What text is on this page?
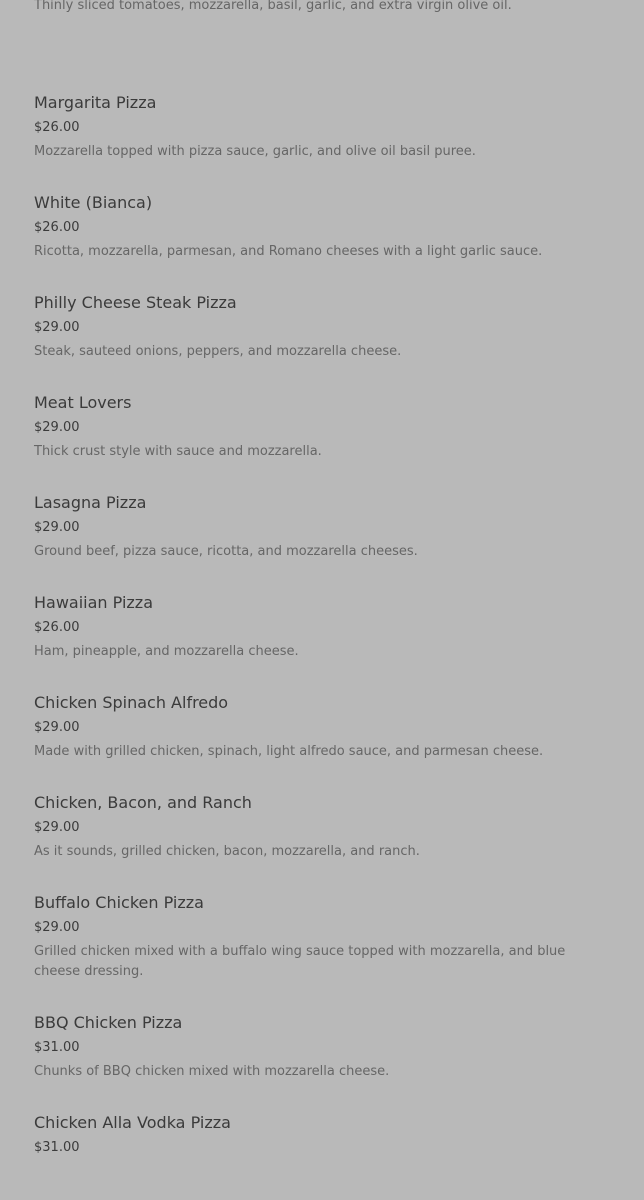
Thinly sliced tomatoes, mozzarella, basil, garlic, and extra virgin olive oil.
Margarita Pizza
$26.00
Mozzarella topped with pizza sauce, garlic, and olive oil basil puree.
White (Bianca)
$26.00
Ricotta, mozzarella, parmesan, and Romano cheeses with a light garlic sauce.
Philly Cheese Steak Pizza
$29.00
Steak, sauteed onions, peppers, and mozzarella cheese.
Meat Lovers
$29.00
Thick crust style with sauce and mozzarella.
Lasagna Pizza
$29.00
Ground beef, pizza sauce, ricotta, and mozzarella cheeses.
Hawaiian Pizza
$26.00
Ham, pineapple, and mozzarella cheese.
Chicken Spinach Alfredo
$29.00
Made with grilled chicken, spinach, light alfredo sauce, and parmesan cheese.
Chicken, Bacon, and Ranch
$29.00
As it sounds, grilled chicken, bacon, mozzarella, and ranch.
Buffalo Chicken Pizza
$29.00
Grilled chicken mixed with a buffalo wing sauce topped with mozzarella, and blue cheese dressing.
BBQ Chicken Pizza
$31.00
Chunks of BBQ chicken mixed with mozzarella cheese.
Chicken Alla Vodka Pizza
$31.00
